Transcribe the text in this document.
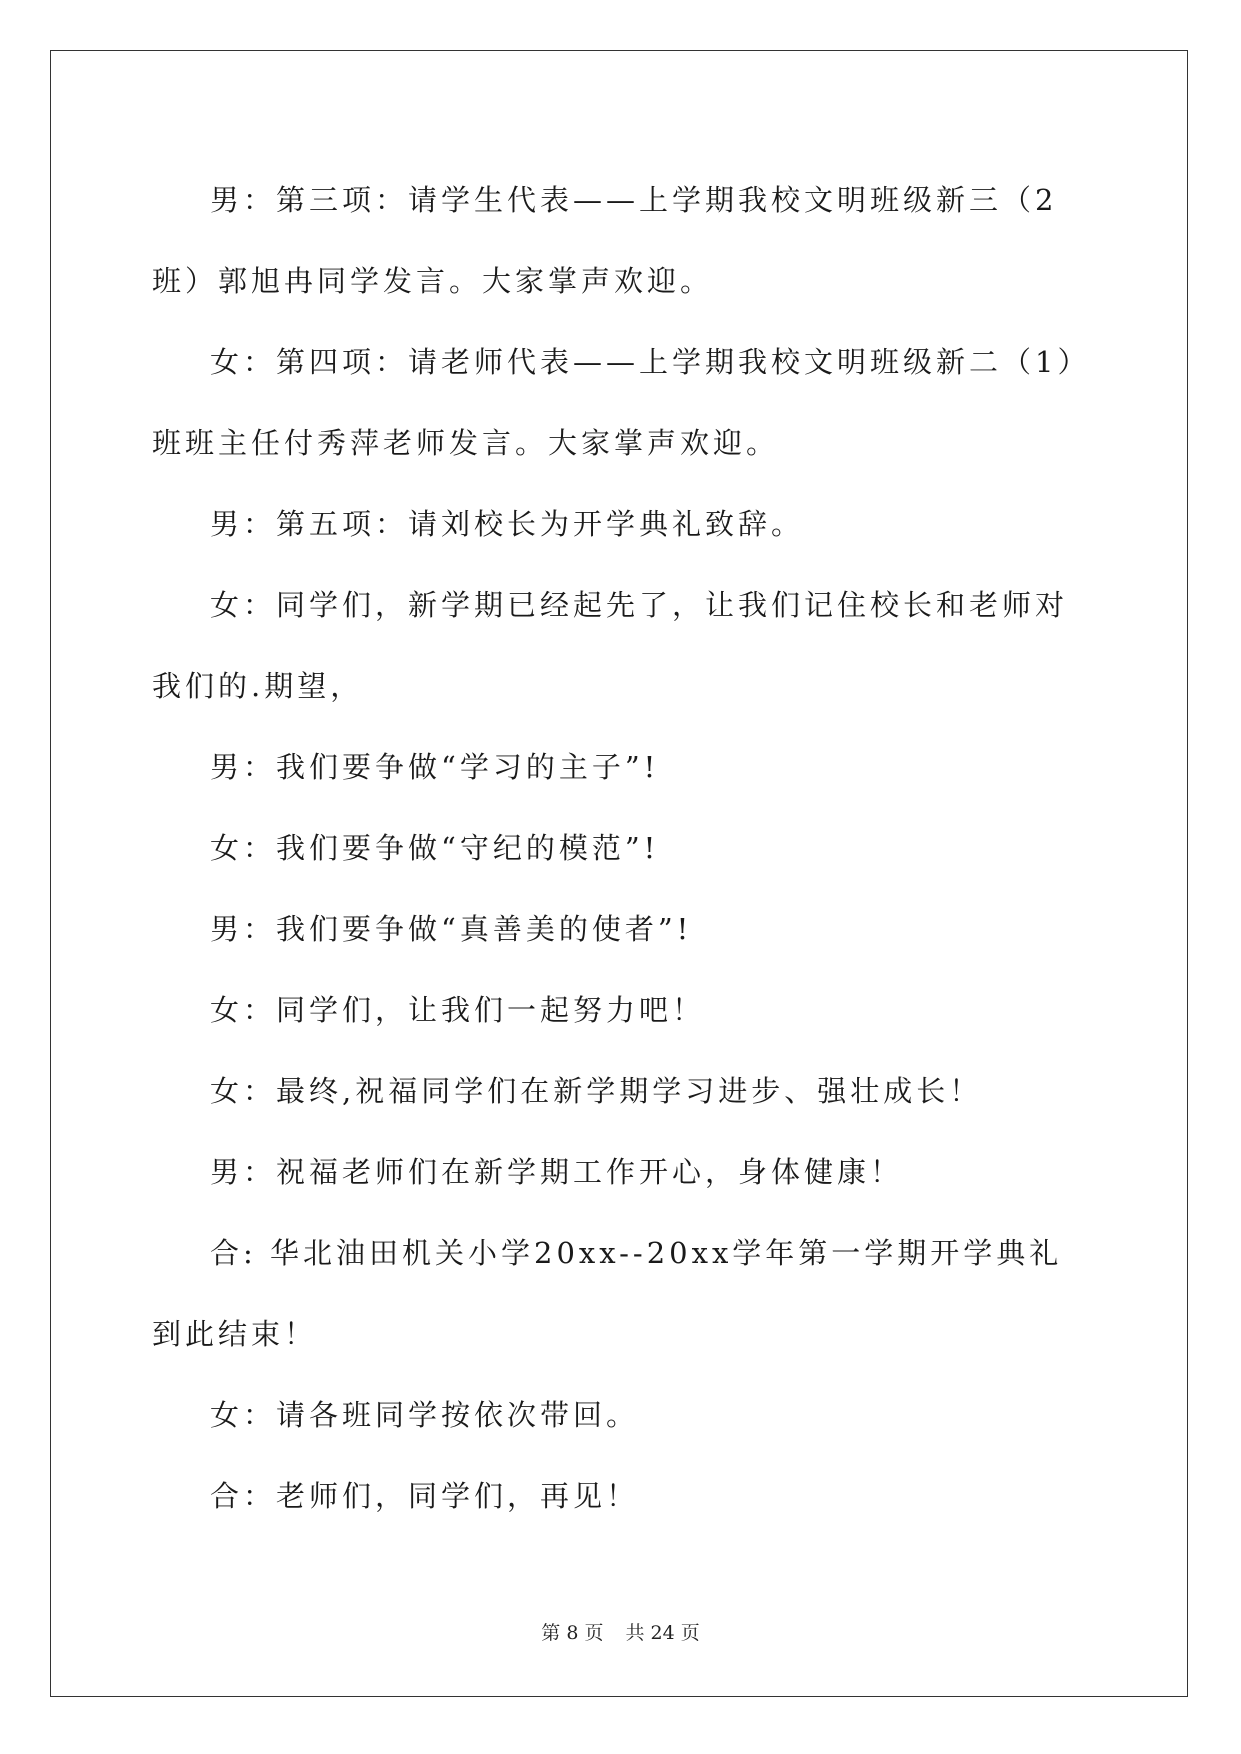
男：第三项：请学生代表——上学期我校文明班级新三（2班）郭旭冉同学发言。大家掌声欢迎。

女：第四项：请老师代表——上学期我校文明班级新二（1）班班主任付秀萍老师发言。大家掌声欢迎。

男：第五项：请刘校长为开学典礼致辞。

女：同学们，新学期已经起先了，让我们记住校长和老师对我们的.期望，

男：我们要争做“学习的主子”!

女：我们要争做“守纪的模范”!

男：我们要争做“真善美的使者”!

女：同学们，让我们一起努力吧！

女：最终,祝福同学们在新学期学习进步、强壮成长！

男：祝福老师们在新学期工作开心，身体健康！

合: 华北油田机关小学20xx--20xx学年第一学期开学典礼到此结束！

女：请各班同学按依次带回。

合：老师们，同学们，再见！

第 8 页 共 24 页
